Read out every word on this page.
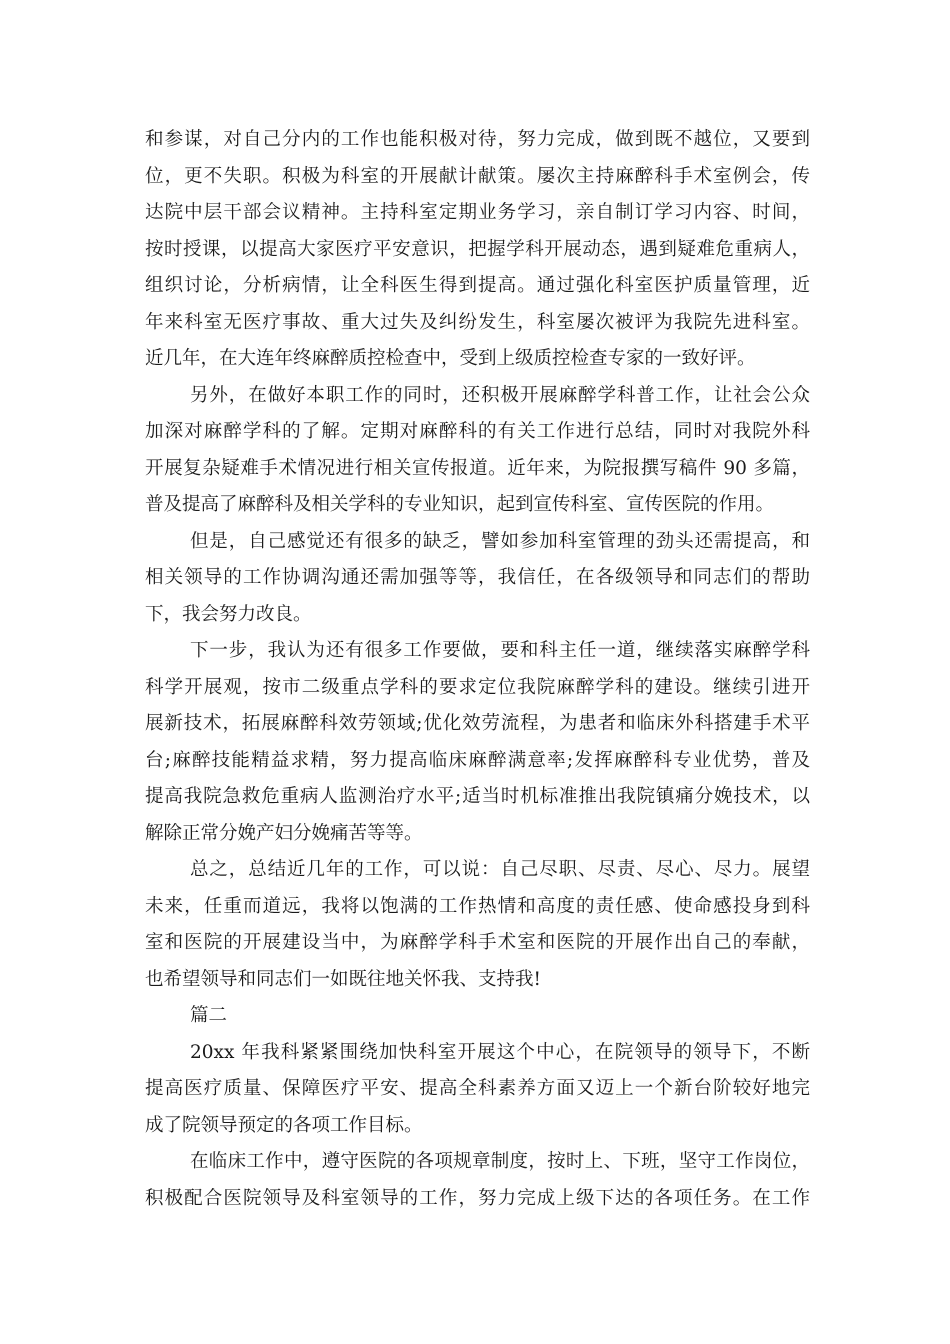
和参谋，对自己分内的工作也能积极对待，努力完成，做到既不越位，又要到
位，更不失职。积极为科室的开展献计献策。屡次主持麻醉科手术室例会，传
达院中层干部会议精神。主持科室定期业务学习，亲自制订学习内容、时间，
按时授课，以提高大家医疗平安意识，把握学科开展动态，遇到疑难危重病人，
组织讨论，分析病情，让全科医生得到提高。通过强化科室医护质量管理，近
年来科室无医疗事故、重大过失及纠纷发生，科室屡次被评为我院先进科室。
近几年，在大连年终麻醉质控检查中，受到上级质控检查专家的一致好评。
另外，在做好本职工作的同时，还积极开展麻醉学科普工作，让社会公众
加深对麻醉学科的了解。定期对麻醉科的有关工作进行总结，同时对我院外科
开展复杂疑难手术情况进行相关宣传报道。近年来，为院报撰写稿件 90 多篇，
普及提高了麻醉科及相关学科的专业知识，起到宣传科室、宣传医院的作用。
但是，自己感觉还有很多的缺乏，譬如参加科室管理的劲头还需提高，和
相关领导的工作协调沟通还需加强等等，我信任，在各级领导和同志们的帮助
下，我会努力改良。
下一步，我认为还有很多工作要做，要和科主任一道，继续落实麻醉学科
科学开展观，按市二级重点学科的要求定位我院麻醉学科的建设。继续引进开
展新技术，拓展麻醉科效劳领域;优化效劳流程，为患者和临床外科搭建手术平
台;麻醉技能精益求精，努力提高临床麻醉满意率;发挥麻醉科专业优势，普及
提高我院急救危重病人监测治疗水平;适当时机标准推出我院镇痛分娩技术，以
解除正常分娩产妇分娩痛苦等等。
总之，总结近几年的工作，可以说：自己尽职、尽责、尽心、尽力。展望
未来，任重而道远，我将以饱满的工作热情和高度的责任感、使命感投身到科
室和医院的开展建设当中，为麻醉学科手术室和医院的开展作出自己的奉献，
也希望领导和同志们一如既往地关怀我、支持我!
篇二
20xx 年我科紧紧围绕加快科室开展这个中心，在院领导的领导下，不断
提高医疗质量、保障医疗平安、提高全科素养方面又迈上一个新台阶较好地完
成了院领导预定的各项工作目标。
在临床工作中，遵守医院的各项规章制度，按时上、下班，坚守工作岗位，
积极配合医院领导及科室领导的工作，努力完成上级下达的各项任务。在工作
